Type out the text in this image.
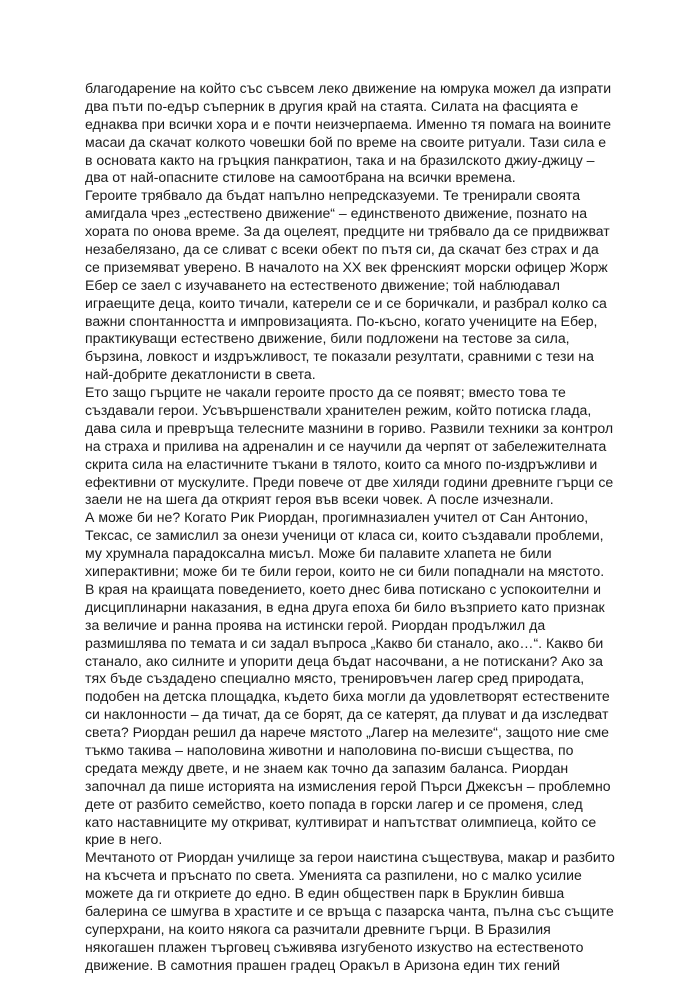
благодарение на който със съвсем леко движение на юмрука можел да изпрати
два пъти по-едър съперник в другия край на стаята. Силата на фасцията е
еднаква при всички хора и е почти неизчерпаема. Именно тя помага на воините
масаи да скачат колкото човешки бой по време на своите ритуали. Тази сила е
в основата както на гръцкия панкратион, така и на бразилското джиу-джицу –
два от най-опасните стилове на самоотбрана на всички времена.
Героите трябвало да бъдат напълно непредсказуеми. Те тренирали своята
амигдала чрез „естествено движение“ – единственото движение, познато на
хората по онова време. За да оцелеят, предците ни трябвало да се придвижват
незабелязано, да се сливат с всеки обект по пътя си, да скачат без страх и да
се приземяват уверено. В началото на XX век френският морски офицер Жорж
Ебер се заел с изучаването на естественото движение; той наблюдавал
играещите деца, които тичали, катерели се и се боричкали, и разбрал колко са
важни спонтанността и импровизацията. По-късно, когато учениците на Ебер,
практикуващи естествено движение, били подложени на тестове за сила,
бързина, ловкост и издръжливост, те показали резултати, сравними с тези на
най-добрите декатлонисти в света.
Ето защо гърците не чакали героите просто да се появят; вместо това те
създавали герои. Усъвършенствали хранителен режим, който потиска глада,
дава сила и превръща телесните мазнини в гориво. Развили техники за контрол
на страха и прилива на адреналин и се научили да черпят от забележителната
скрита сила на еластичните тъкани в тялото, които са много по-издръжливи и
ефективни от мускулите. Преди повече от две хиляди години древните гърци се
заели не на шега да открият героя във всеки човек. А после изчезнали.
А може би не? Когато Рик Риордан, прогимназиален учител от Сан Антонио,
Тексас, се замислил за онези ученици от класа си, които създавали проблеми,
му хрумнала парадоксална мисъл. Може би палавите хлапета не били
хиперактивни; може би те били герои, които не си били попаднали на мястото.
В края на краищата поведението, което днес бива потискано с успокоителни и
дисциплинарни наказания, в една друга епоха би било възприето като признак
за величие и ранна проява на истински герой. Риордан продължил да
размишлява по темата и си задал въпроса „Какво би станало, ако…“. Какво би
станало, ако силните и упорити деца бъдат насочвани, а не потискани? Ако за
тях бъде създадено специално място, тренировъчен лагер сред природата,
подобен на детска площадка, където биха могли да удовлетворят естествените
си наклонности – да тичат, да се борят, да се катерят, да плуват и да изследват
света? Риордан решил да нарече мястото „Лагер на мелезите“, защото ние сме
тъкмо такива – наполовина животни и наполовина по-висши същества, по
средата между двете, и не знаем как точно да запазим баланса. Риордан
започнал да пише историята на измисления герой Пърси Джексън – проблемно
дете от разбито семейство, което попада в горски лагер и се променя, след
като наставниците му откриват, култивират и напътстват олимпиеца, който се
крие в него.
Мечтаното от Риордан училище за герои наистина съществува, макар и разбито
на късчета и пръснато по света. Уменията са разпилени, но с малко усилие
можете да ги откриете до едно. В един обществен парк в Бруклин бивша
балерина се шмугва в храстите и се връща с пазарска чанта, пълна със същите
суперхрани, на които някога са разчитали древните гърци. В Бразилия
някогашен плажен търговец съживява изгубеното изкуство на естественото
движение. В самотния прашен градец Оракъл в Аризона един тих гений
